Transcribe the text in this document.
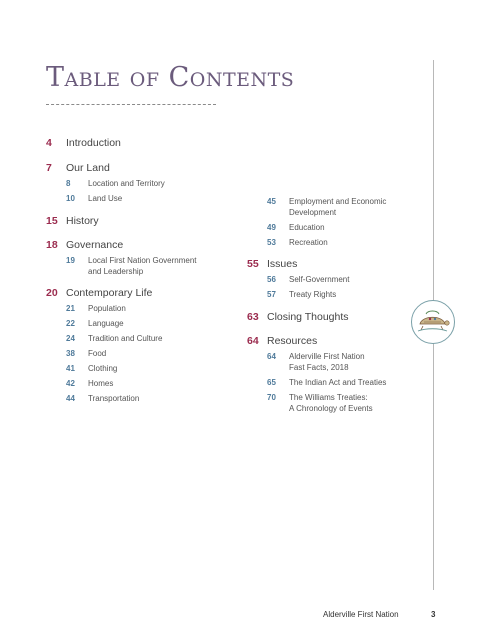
Table of Contents
4	Introduction
7	Our Land
8	Location and Territory
10	Land Use
15 History
18 Governance
19	Local First Nation Government
and Leadership
20 Contemporary Life
21	Population
22	Language
24	Tradition and Culture
38	Food
41	Clothing
42	Homes
44	Transportation
45	Employment and Economic
Development
49	Education
53	Recreation
55 Issues
56	Self-Government
57	Treaty Rights
63 Closing Thoughts
64 Resources
64	Alderville First Nation
Fast Facts, 2018
65	The Indian Act and Treaties
70	The Williams Treaties:
A Chronology of Events
Alderville First Nation	3
